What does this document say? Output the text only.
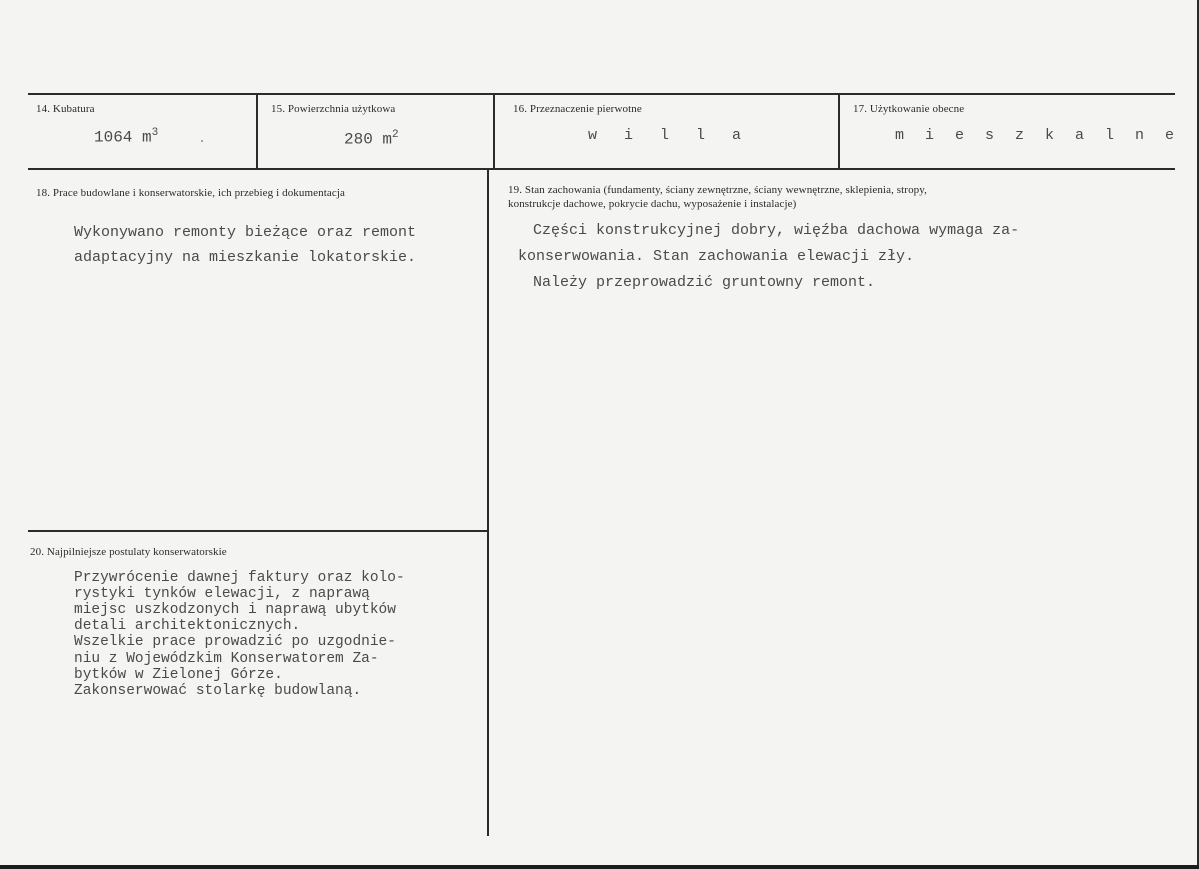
14. Kubatura
1064 $m^3$
15. Powierzchnia użytkowa
280 $m^2$
16. Przeznaczenie pierwotne
w i l l a
17. Użytkowanie obecne
m i e s z k a l n e
18. Prace budowlane i konserwatorskie, ich przebieg i dokumentacja
Wykonywano remonty bieżące oraz remont
adaptacyjny na mieszkanie lokatorskie.
19. Stan zachowania (fundamenty, ściany zewnętrzne, ściany wewnętrzne, sklepienia, stropy,
konstrukcje dachowe, pokrycie dachu, wyposażenie i instalacje)
Części konstrukcyjnej dobry, więźba dachowa wymaga za-
konserwowania. Stan zachowania elewacji zły.
Należy przeprowadzić gruntowny remont.
20. Najpilniejsze postulaty konserwatorskie
Przywrócenie dawnej faktury oraz kolo-
rystyki tynków elewacji, z naprawą
miejsc uszkodzonych i naprawą ubytków
detali architektonicznych.
Wszelkie prace prowadzić po uzgodnie-
niu z Wojewódzkim Konserwatorem Za-
bytków w Zielonej Górze.
Zakonserwować stolarkę budowlaną.
